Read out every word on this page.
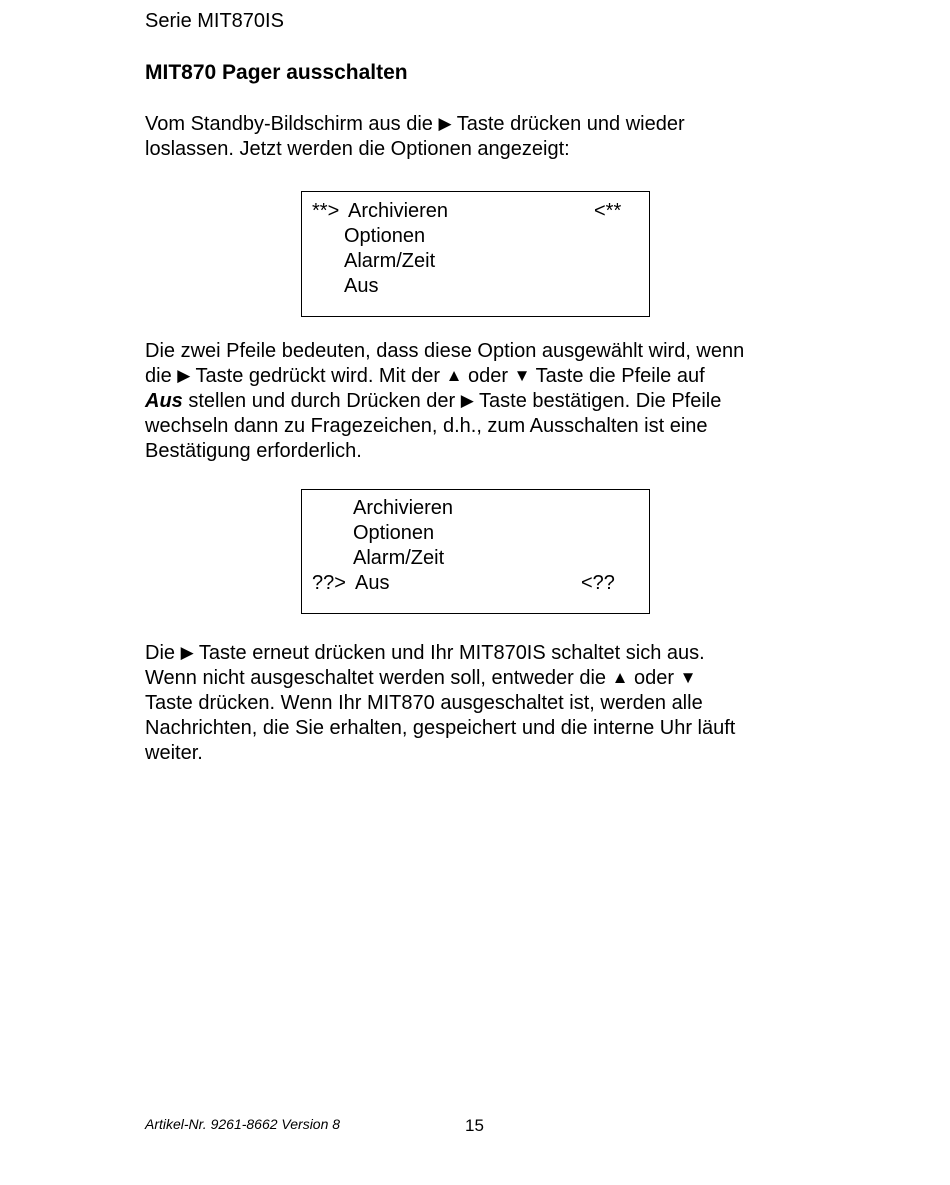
Serie MIT870IS
MIT870 Pager ausschalten
Vom Standby-Bildschirm aus die ▶ Taste drücken und wieder
loslassen. Jetzt werden die Optionen angezeigt:
**> Archivieren	<**
Optionen
Alarm/Zeit
Aus
Die zwei Pfeile bedeuten, dass diese Option ausgewählt wird, wenn
die ▶ Taste gedrückt wird. Mit der ▲ oder ▼ Taste die Pfeile auf
Aus stellen und durch Drücken der ▶ Taste bestätigen. Die Pfeile
wechseln dann zu Fragezeichen, d.h., zum Ausschalten ist eine
Bestätigung erforderlich.
Archivieren
Optionen
Alarm/Zeit
??> Aus	<??
Die ▶ Taste erneut drücken und Ihr MIT870IS schaltet sich aus.
Wenn nicht ausgeschaltet werden soll, entweder die ▲ oder ▼
Taste drücken. Wenn Ihr MIT870 ausgeschaltet ist, werden alle
Nachrichten, die Sie erhalten, gespeichert und die interne Uhr läuft
weiter.
Artikel-Nr. 9261-8662 Version 8	15
